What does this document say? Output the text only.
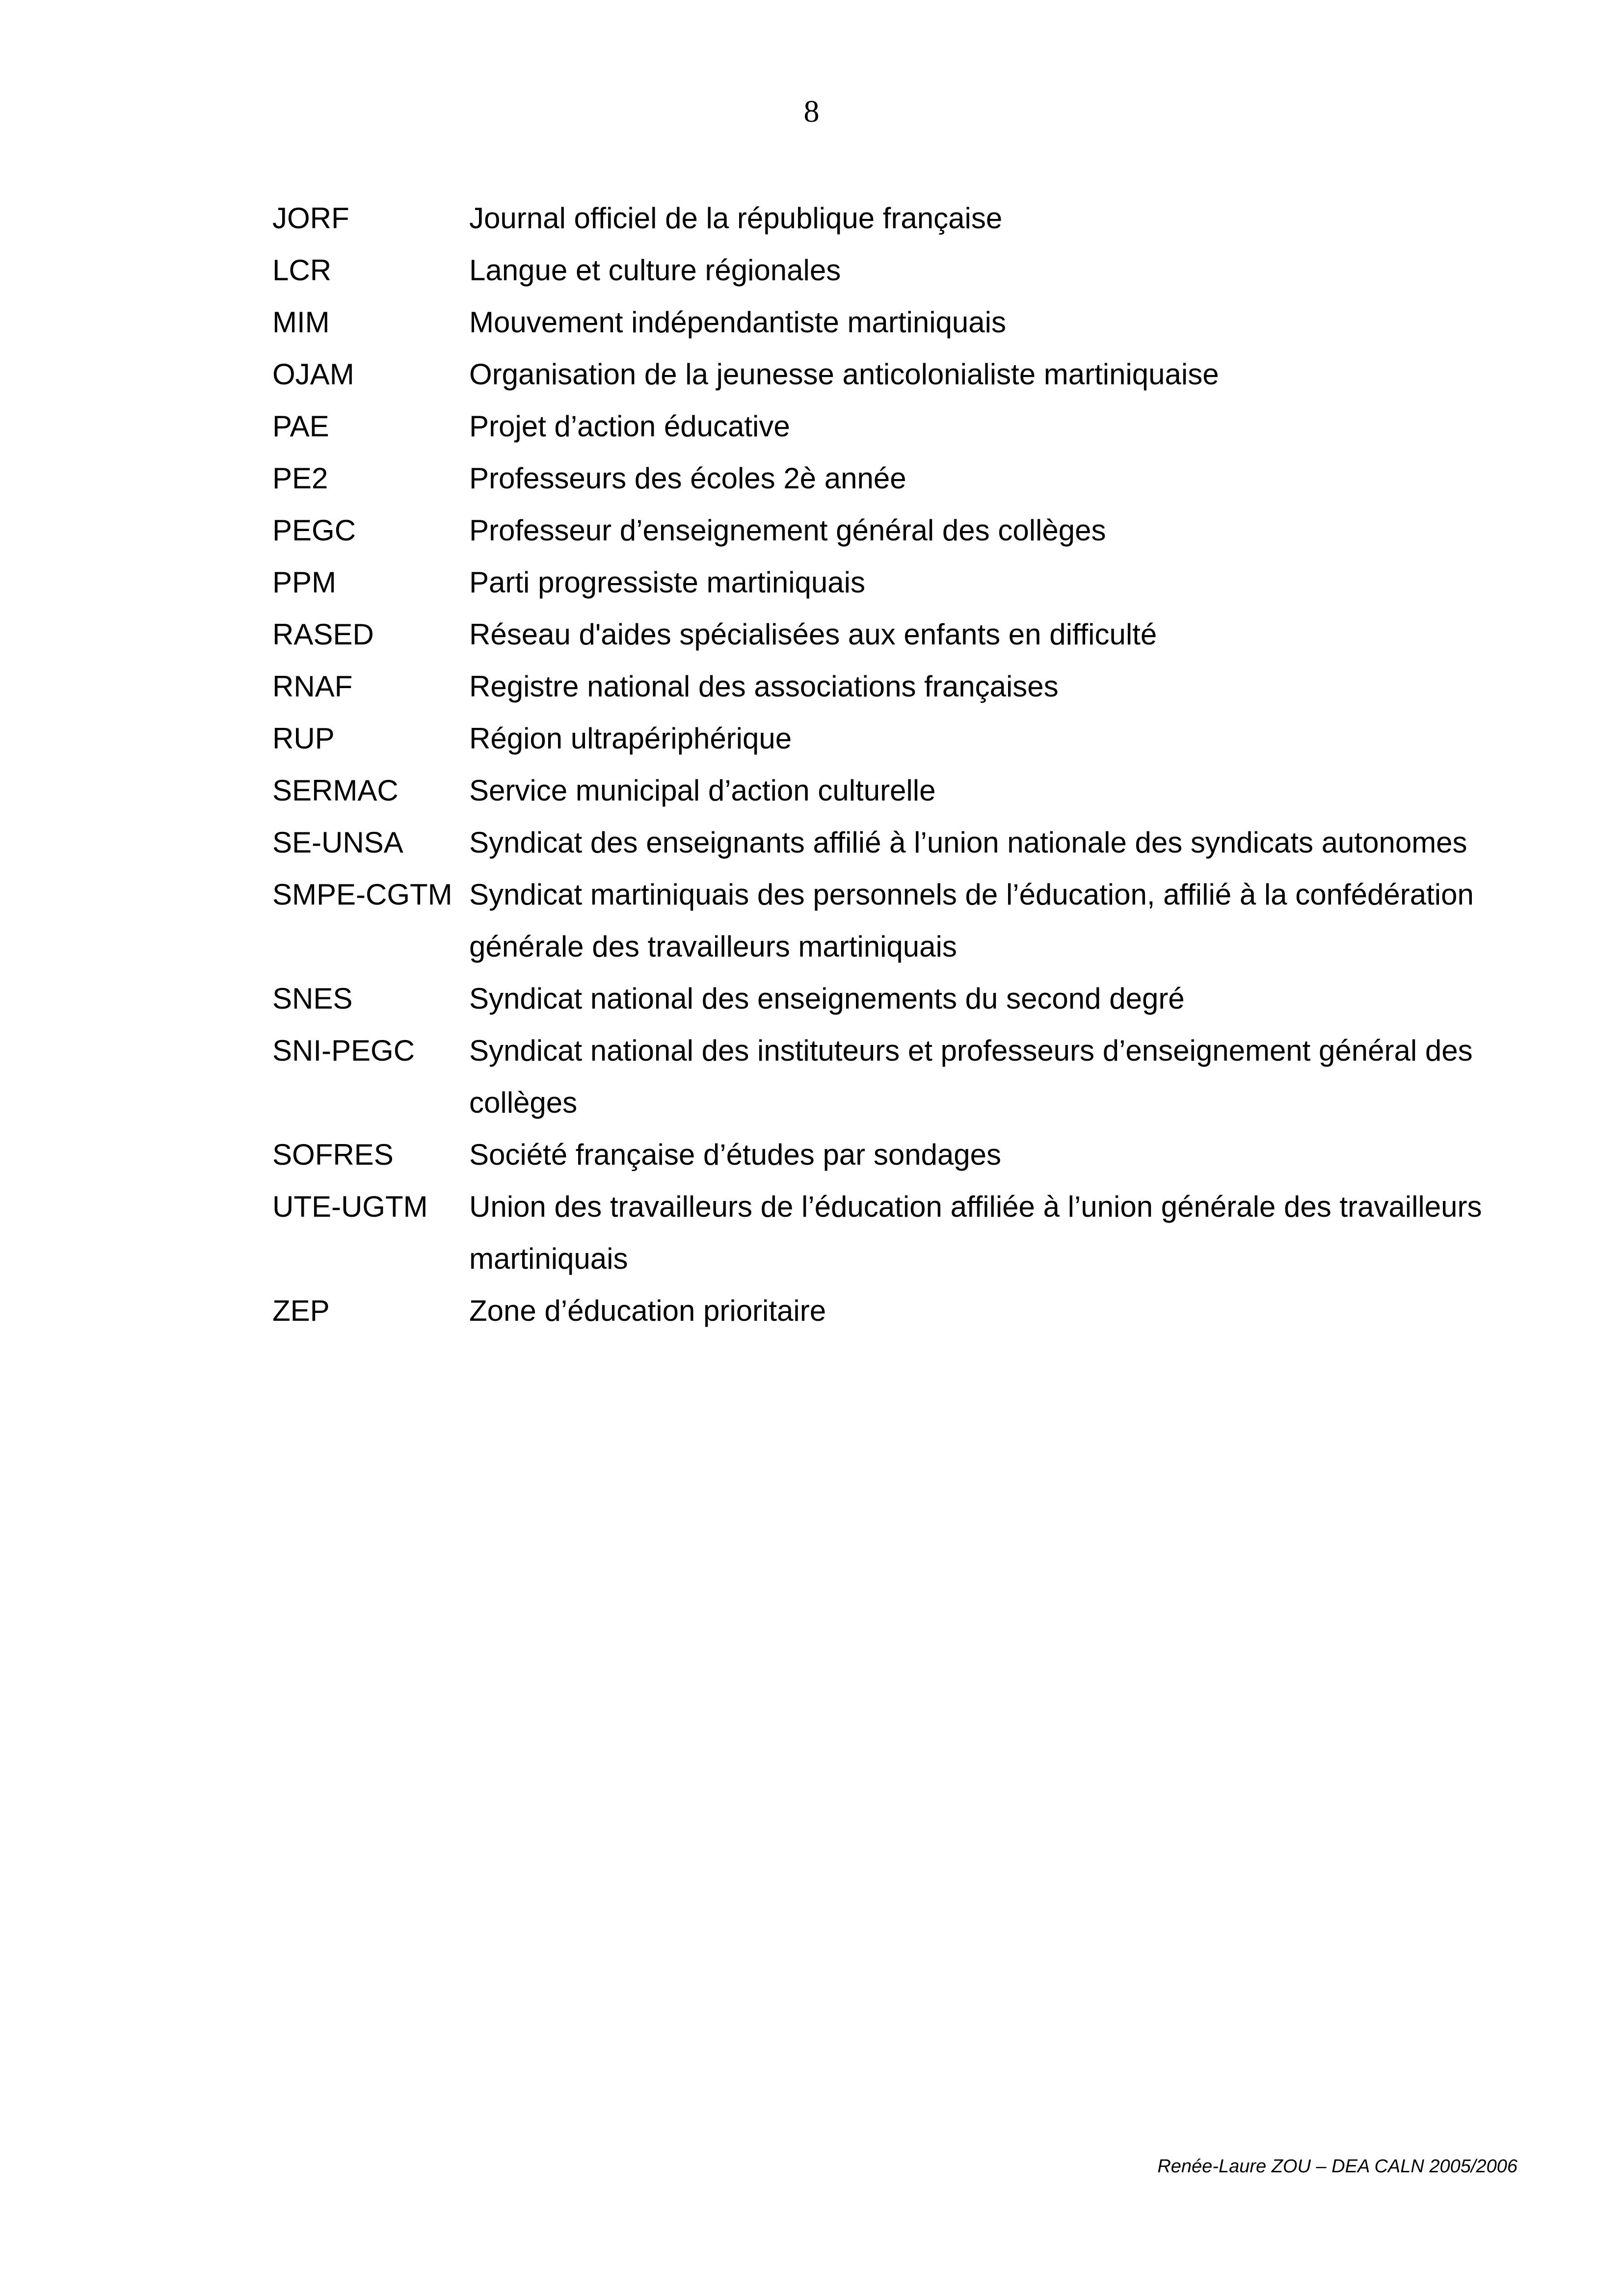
8
JORF	Journal officiel de la république française
LCR	Langue et culture régionales
MIM	Mouvement indépendantiste martiniquais
OJAM	Organisation de la jeunesse anticolonialiste martiniquaise
PAE	Projet d’action éducative
PE2	Professeurs des écoles 2è année
PEGC	Professeur d’enseignement général des collèges
PPM	Parti progressiste martiniquais
RASED	Réseau d'aides spécialisées aux enfants en difficulté
RNAF	Registre national des associations françaises
RUP	Région ultrapériphérique
SERMAC Service municipal d’action culturelle
SE-UNSA Syndicat des enseignants affilié à l’union nationale des syndicats autonomes
SMPE-CGTM Syndicat martiniquais des personnels de l’éducation, affilié à la confédération générale des travailleurs martiniquais
SNES	Syndicat national des enseignements du second degré
SNI-PEGC Syndicat national des instituteurs et professeurs d’enseignement général des collèges
SOFRES	Société française d’études par sondages
UTE-UGTM Union des travailleurs de l’éducation affiliée à l’union générale des travailleurs martiniquais
ZEP	Zone d’éducation prioritaire
Renée-Laure ZOU – DEA CALN 2005/2006
